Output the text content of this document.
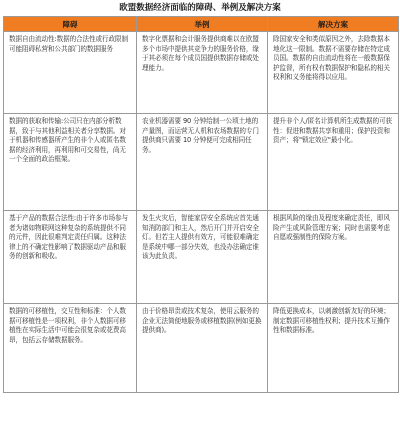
欧盟数据经济面临的障碍、举例及解决方案
障碍	举例	解决方案
数据自由流动性:数据的合法性或行政限制可能阻碍私营和公共部门的数据服务	数字化票据和会计服务提供商难以在欧盟多个市场中提供其竞争力的服务价格，缘于其必须在每个成员国提供数据存储或处理能力。	除国家安全和类似原因之外，去除数据本地化这一限制。数据不需要存储在特定成员国。数据的自由流动性将在一般数据保护监督，所有权有数据保护和隐私的相关权利和义务能将得以应用。
数据的获取和传输:公司只在内部分析数据，致于与其他利益相关者分享数据。对于机器和传感器所产生的非个人或匿名数据的经济利用，再利用和可交易性，尚无一个全面的政治框架。	农业机器需要 90 分钟给制一公顷土地的产量图，而运营无人机和农场数据的专门提供商只需要 10 分钟便可完成相同任务。	提升非个人/匿名计算机所生成数据的可获性：促进和数据共享和重用；保护投资和资产；将"锁定效应"最小化。
基于产品的数据合法性:由于许多市场参与者为诸如物联网这种复杂的系统提供不同的元件，因此很难判定责任归属。这种法律上的不确定性影响了数据驱动产品和服务的创新和吸收。	发生火灾后，智能家居安全系统应首先通知消防部门和主人，然后开门并开启安全灯。但若主人提供有效方，可能很难确定是系统中哪一部分失效，也没办法确定谁该为此负责。	根据风险的缘由及程度来确定责任，即风险产生或风险管理方案；同时也需要考虑自愿或强制性的保险方案。
数据的可移植性，交互性和标准：个人数据可移植性是一项权利，非个人数据可移植性在实际生活中可能会很复杂或花费高昂，包括云存储数据服务。	由于价格昂贵或技术复杂，使用云服务的企业无法简便地服务或移植数据(例如更换提供商)。	降低更换成本，以刺激创新友好的环境；制定数据可移植性权利；提升技术互操作性和数据标准。
